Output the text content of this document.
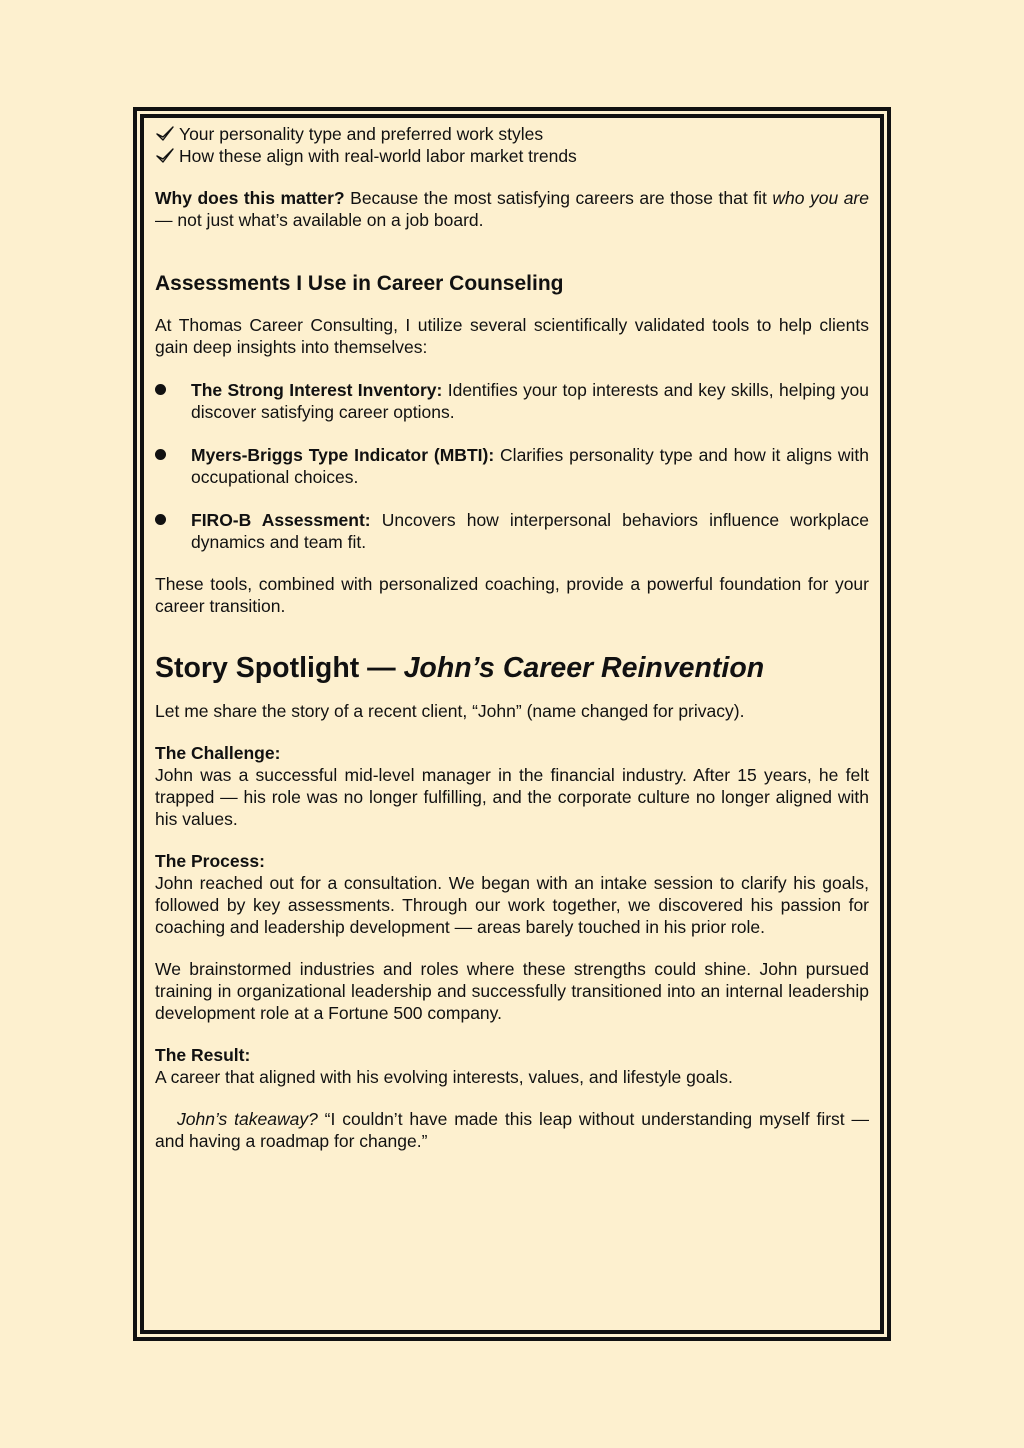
Your personality type and preferred work styles
How these align with real-world labor market trends

Why does this matter? Because the most satisfying careers are those that fit who you are — not just what’s available on a job board.

Assessments I Use in Career Counseling

At Thomas Career Consulting, I utilize several scientifically validated tools to help clients gain deep insights into themselves:

The Strong Interest Inventory: Identifies your top interests and key skills, helping you discover satisfying career options.
Myers-Briggs Type Indicator (MBTI): Clarifies personality type and how it aligns with occupational choices.
FIRO-B Assessment: Uncovers how interpersonal behaviors influence workplace dynamics and team fit.

These tools, combined with personalized coaching, provide a powerful foundation for your career transition.

Story Spotlight — John’s Career Reinvention

Let me share the story of a recent client, “John” (name changed for privacy).

The Challenge:

John was a successful mid-level manager in the financial industry. After 15 years, he felt trapped — his role was no longer fulfilling, and the corporate culture no longer aligned with his values.

The Process:

John reached out for a consultation. We began with an intake session to clarify his goals, followed by key assessments. Through our work together, we discovered his passion for coaching and leadership development — areas barely touched in his prior role.

We brainstormed industries and roles where these strengths could shine. John pursued training in organizational leadership and successfully transitioned into an internal leadership development role at a Fortune 500 company.

The Result:

A career that aligned with his evolving interests, values, and lifestyle goals.

John’s takeaway? “I couldn’t have made this leap without understanding myself first — and having a roadmap for change.”
